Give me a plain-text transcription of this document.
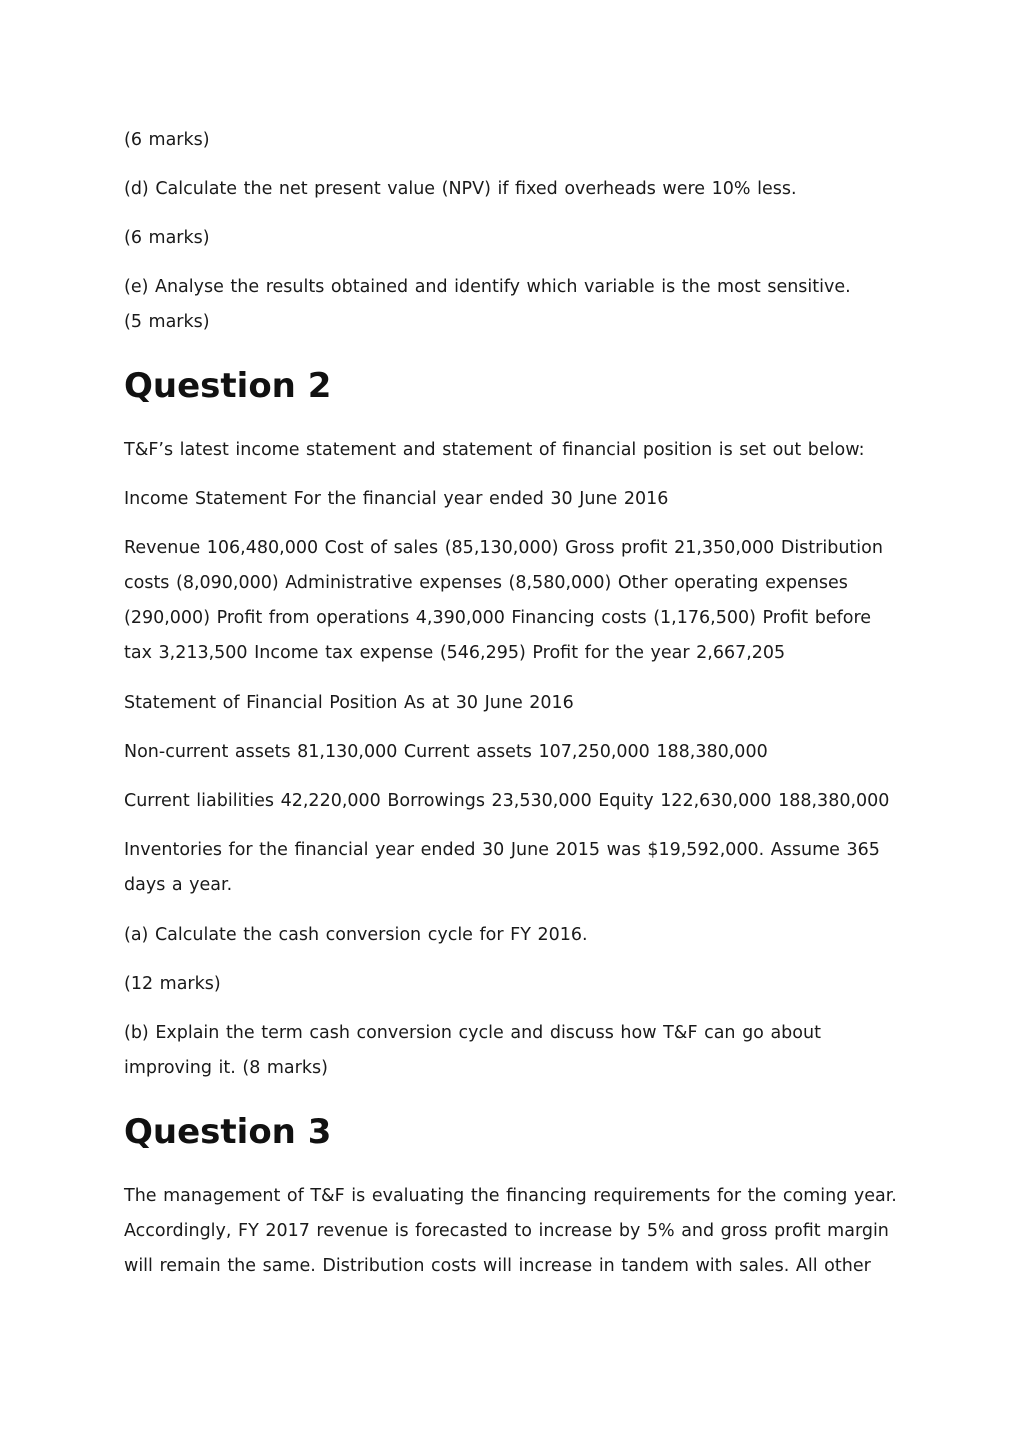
(6 marks)

(d) Calculate the net present value (NPV) if fixed overheads were 10% less.

(6 marks)

(e) Analyse the results obtained and identify which variable is the most sensitive. (5 marks)

Question 2

T&F’s latest income statement and statement of financial position is set out below:

Income Statement For the financial year ended 30 June 2016

Revenue 106,480,000 Cost of sales (85,130,000) Gross profit 21,350,000 Distribution costs (8,090,000) Administrative expenses (8,580,000) Other operating expenses (290,000) Profit from operations 4,390,000 Financing costs (1,176,500) Profit before tax 3,213,500 Income tax expense (546,295) Profit for the year 2,667,205

Statement of Financial Position As at 30 June 2016

Non-current assets 81,130,000 Current assets 107,250,000 188,380,000

Current liabilities 42,220,000 Borrowings 23,530,000 Equity 122,630,000 188,380,000

Inventories for the financial year ended 30 June 2015 was $19,592,000. Assume 365 days a year.

(a) Calculate the cash conversion cycle for FY 2016.

(12 marks)

(b) Explain the term cash conversion cycle and discuss how T&F can go about improving it. (8 marks)

Question 3

The management of T&F is evaluating the financing requirements for the coming year. Accordingly, FY 2017 revenue is forecasted to increase by 5% and gross profit margin will remain the same. Distribution costs will increase in tandem with sales. All other
